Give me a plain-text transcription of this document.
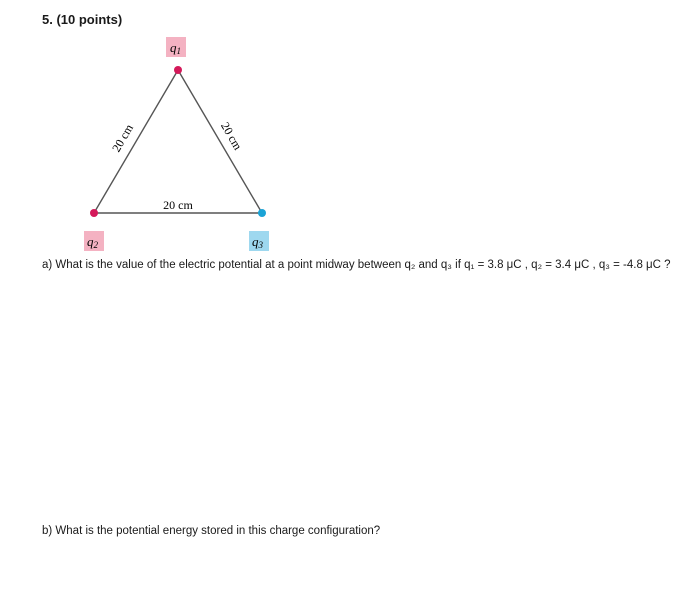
5. (10 points)
q1
q2	q3
20 cm	20 cm
20 cm
a) What is the value of the electric potential at a point midway between q₂ and q₃ if q₁ = 3.8 μC , q₂ = 3.4 μC , q₃ = -4.8 μC ?
b) What is the potential energy stored in this charge configuration?
